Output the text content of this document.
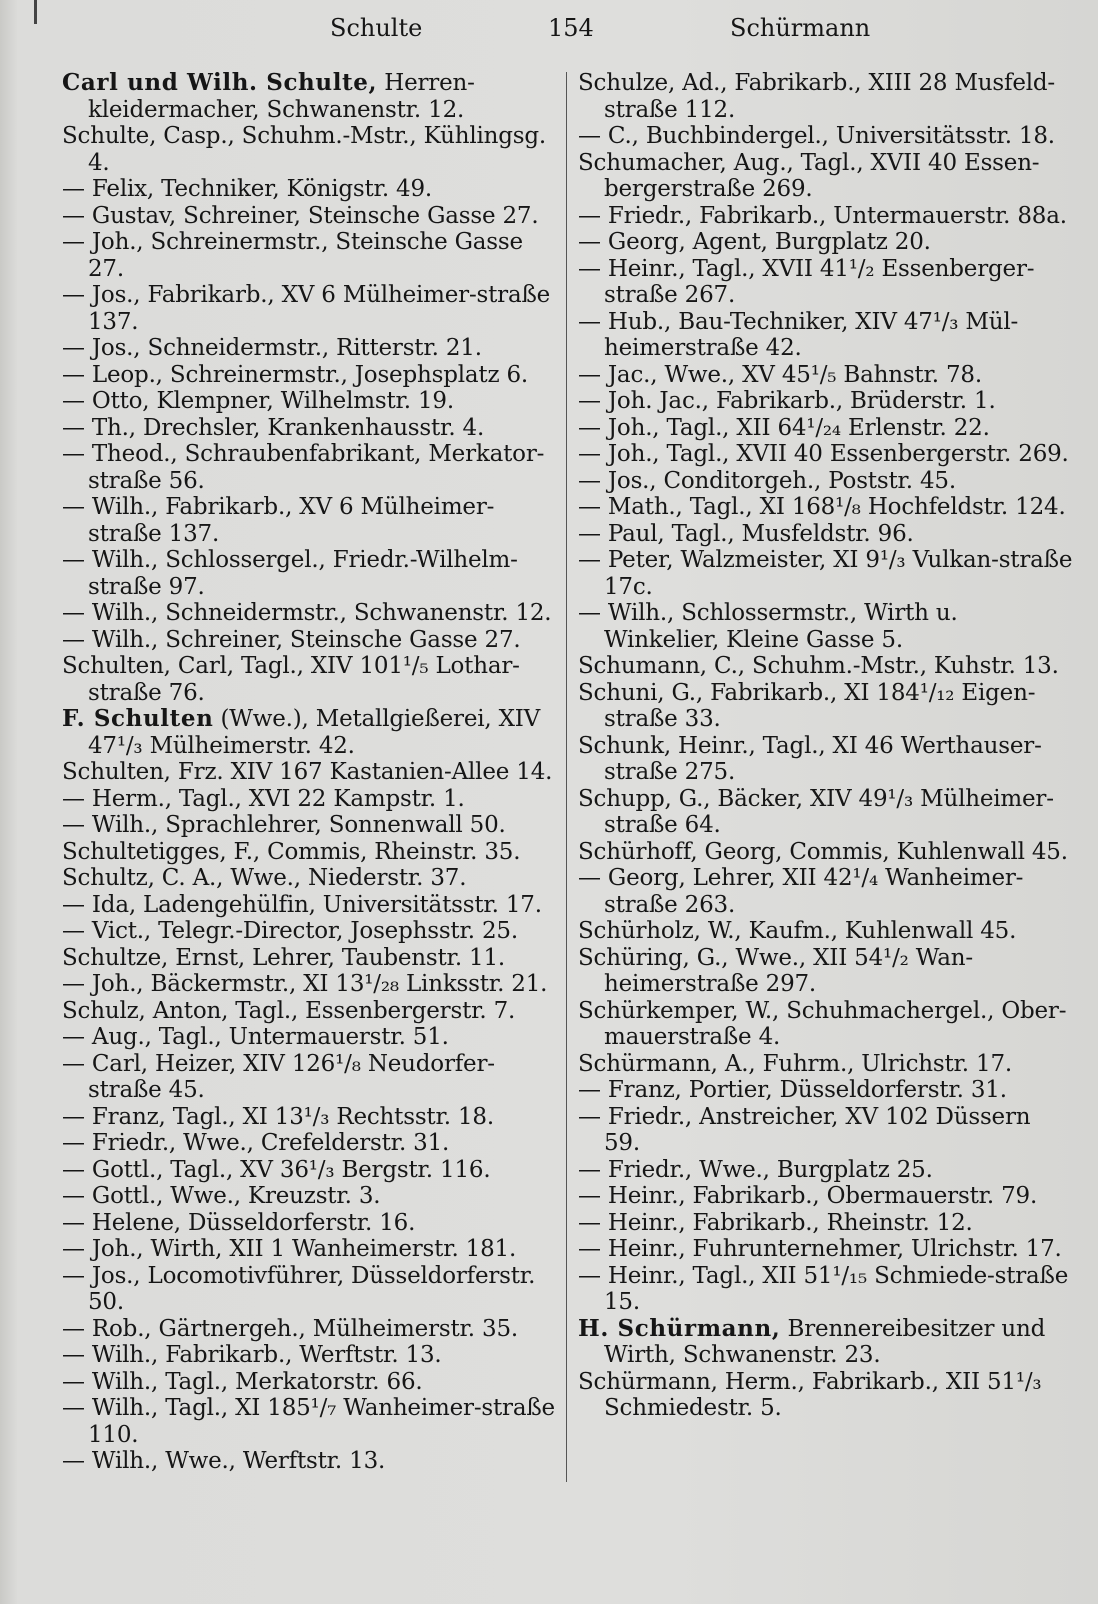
Schulte	154	Schürmann
Carl und Wilh. Schulte, Herren-kleidermacher, Schwanenstr. 12.
Schulte, Casp., Schuhm.-Mstr., Kühlingsg. 4.
— Felix, Techniker, Königstr. 49.
— Gustav, Schreiner, Steinsche Gasse 27.
— Joh., Schreinermstr., Steinsche Gasse 27.
— Jos., Fabrikarb., XV 6 Mülheimer-straße 137.
— Jos., Schneidermstr., Ritterstr. 21.
— Leop., Schreinermstr., Josephsplatz 6.
— Otto, Klempner, Wilhelmstr. 19.
— Th., Drechsler, Krankenhausstr. 4.
— Theod., Schraubenfabrikant, Merkator-straße 56.
— Wilh., Fabrikarb., XV 6 Mülheimer-straße 137.
— Wilh., Schlossergel., Friedr.-Wilhelm-straße 97.
— Wilh., Schneidermstr., Schwanenstr. 12.
— Wilh., Schreiner, Steinsche Gasse 27.
Schulten, Carl, Tagl., XIV 101¹/₅ Lothar-straße 76.
F. Schulten (Wwe.), Metallgießerei, XIV 47¹/₃ Mülheimerstr. 42.
Schulten, Frz. XIV 167 Kastanien-Allee 14.
— Herm., Tagl., XVI 22 Kampstr. 1.
— Wilh., Sprachlehrer, Sonnenwall 50.
Schultetigges, F., Commis, Rheinstr. 35.
Schultz, C. A., Wwe., Niederstr. 37.
— Ida, Ladengehülfin, Universitätsstr. 17.
— Vict., Telegr.-Director, Josephsstr. 25.
Schultze, Ernst, Lehrer, Taubenstr. 11.
— Joh., Bäckermstr., XI 13¹/₂₈ Linksstr. 21.
Schulz, Anton, Tagl., Essenbergerstr. 7.
— Aug., Tagl., Untermauerstr. 51.
— Carl, Heizer, XIV 126¹/₈ Neudorfer-straße 45.
— Franz, Tagl., XI 13¹/₃ Rechtsstr. 18.
— Friedr., Wwe., Crefelderstr. 31.
— Gottl., Tagl., XV 36¹/₃ Bergstr. 116.
— Gottl., Wwe., Kreuzstr. 3.
— Helene, Düsseldorferstr. 16.
— Joh., Wirth, XII 1 Wanheimerstr. 181.
— Jos., Locomotivführer, Düsseldorferstr. 50.
— Rob., Gärtnergeh., Mülheimerstr. 35.
— Wilh., Fabrikarb., Werftstr. 13.
— Wilh., Tagl., Merkatorstr. 66.
— Wilh., Tagl., XI 185¹/₇ Wanheimer-straße 110.
— Wilh., Wwe., Werftstr. 13.
Schulze, Ad., Fabrikarb., XIII 28 Musfeld-straße 112.
— C., Buchbindergel., Universitätsstr. 18.
Schumacher, Aug., Tagl., XVII 40 Essen-bergerstraße 269.
— Friedr., Fabrikarb., Untermauerstr. 88a.
— Georg, Agent, Burgplatz 20.
— Heinr., Tagl., XVII 41¹/₂ Essenberger-straße 267.
— Hub., Bau-Techniker, XIV 47¹/₃ Mül-heimerstraße 42.
— Jac., Wwe., XV 45¹/₅ Bahnstr. 78.
— Joh. Jac., Fabrikarb., Brüderstr. 1.
— Joh., Tagl., XII 64¹/₂₄ Erlenstr. 22.
— Joh., Tagl., XVII 40 Essenbergerstr. 269.
— Jos., Conditorgeh., Poststr. 45.
— Math., Tagl., XI 168¹/₈ Hochfeldstr. 124.
— Paul, Tagl., Musfeldstr. 96.
— Peter, Walzmeister, XI 9¹/₃ Vulkan-straße 17c.
— Wilh., Schlossermstr., Wirth u. Winkelier, Kleine Gasse 5.
Schumann, C., Schuhm.-Mstr., Kuhstr. 13.
Schuni, G., Fabrikarb., XI 184¹/₁₂ Eigen-straße 33.
Schunk, Heinr., Tagl., XI 46 Werthauser-straße 275.
Schupp, G., Bäcker, XIV 49¹/₃ Mülheimer-straße 64.
Schürhoff, Georg, Commis, Kuhlenwall 45.
— Georg, Lehrer, XII 42¹/₄ Wanheimer-straße 263.
Schürholz, W., Kaufm., Kuhlenwall 45.
Schüring, G., Wwe., XII 54¹/₂ Wan-heimerstraße 297.
Schürkemper, W., Schuhmachergel., Ober-mauerstraße 4.
Schürmann, A., Fuhrm., Ulrichstr. 17.
— Franz, Portier, Düsseldorferstr. 31.
— Friedr., Anstreicher, XV 102 Düssern 59.
— Friedr., Wwe., Burgplatz 25.
— Heinr., Fabrikarb., Obermauerstr. 79.
— Heinr., Fabrikarb., Rheinstr. 12.
— Heinr., Fuhrunternehmer, Ulrichstr. 17.
— Heinr., Tagl., XII 51¹/₁₅ Schmiede-straße 15.
H. Schürmann, Brennereibesitzer und Wirth, Schwanenstr. 23.
Schürmann, Herm., Fabrikarb., XII 51¹/₃ Schmiedestr. 5.
